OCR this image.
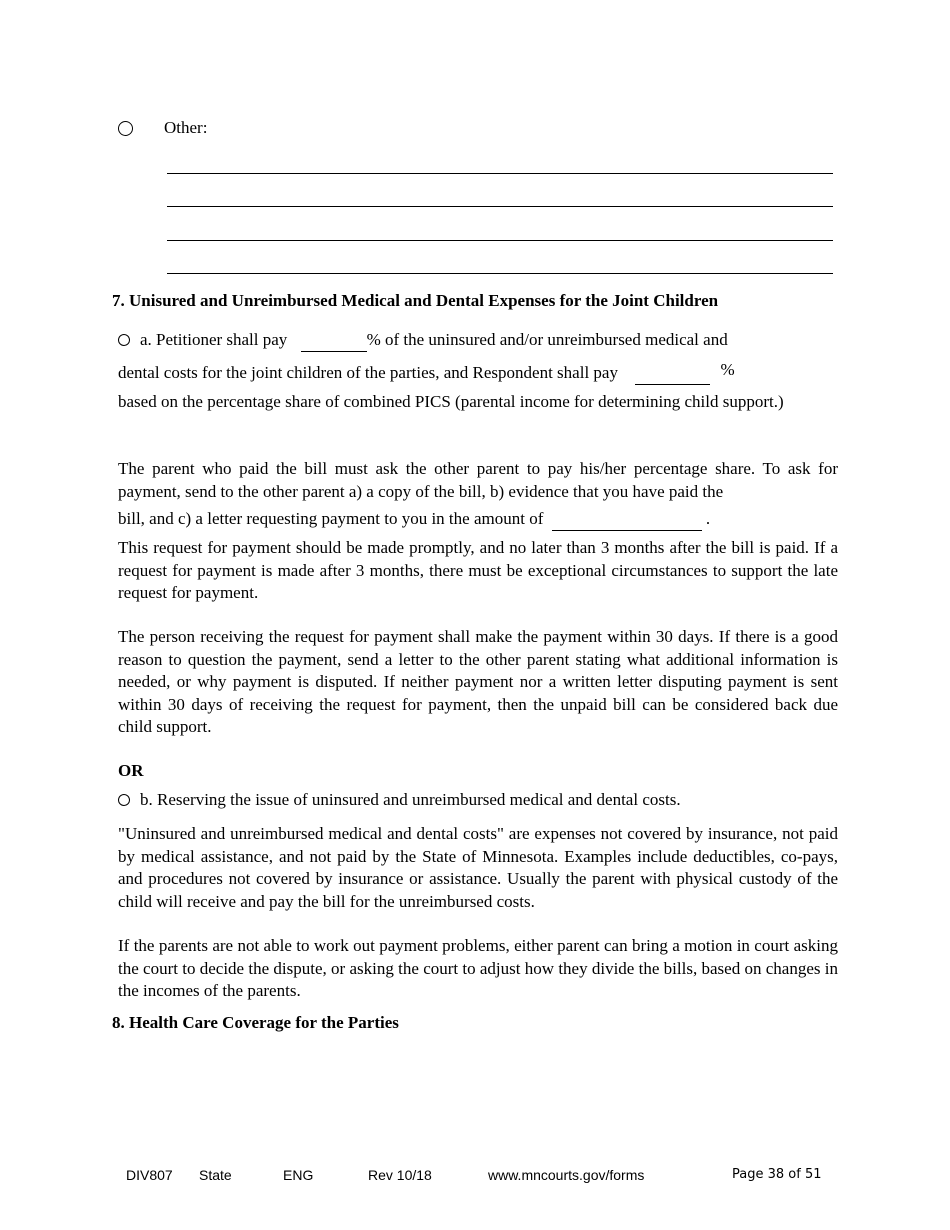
Other:
7. Unisured and Unreimbursed Medical and Dental Expenses for the Joint Children
a. Petitioner shall pay	% of the uninsured and/or unreimbursed medical and
dental costs for the joint children of the parties, and Respondent shall pay	%
based on the percentage share of combined PICS (parental income for determining child support.)
The parent who paid the bill must ask the other parent to pay his/her percentage share. To ask for payment, send to the other parent a) a copy of the bill, b) evidence that you have paid the
bill, and c) a letter requesting payment to you in the amount of	.
This request for payment should be made promptly, and no later than 3 months after the bill is paid. If a request for payment is made after 3 months, there must be exceptional circumstances to support the late request for payment.
The person receiving the request for payment shall make the payment within 30 days. If there is a good reason to question the payment, send a letter to the other parent stating what additional information is needed, or why payment is disputed. If neither payment nor a written letter disputing payment is sent within 30 days of receiving the request for payment, then the unpaid bill can be considered back due child support.
OR
b. Reserving the issue of uninsured and unreimbursed medical and dental costs.
"Uninsured and unreimbursed medical and dental costs" are expenses not covered by insurance, not paid by medical assistance, and not paid by the State of Minnesota. Examples include deductibles, co-pays, and procedures not covered by insurance or assistance. Usually the parent with physical custody of the child will receive and pay the bill for the unreimbursed costs.
If the parents are not able to work out payment problems, either parent can bring a motion in court asking the court to decide the dispute, or asking the court to adjust how they divide the bills, based on changes in the incomes of the parents.
8. Health Care Coverage for the Parties
DIV807 State	ENG	Rev 10/18	www.mncourts.gov/forms	Page 38 of 51
